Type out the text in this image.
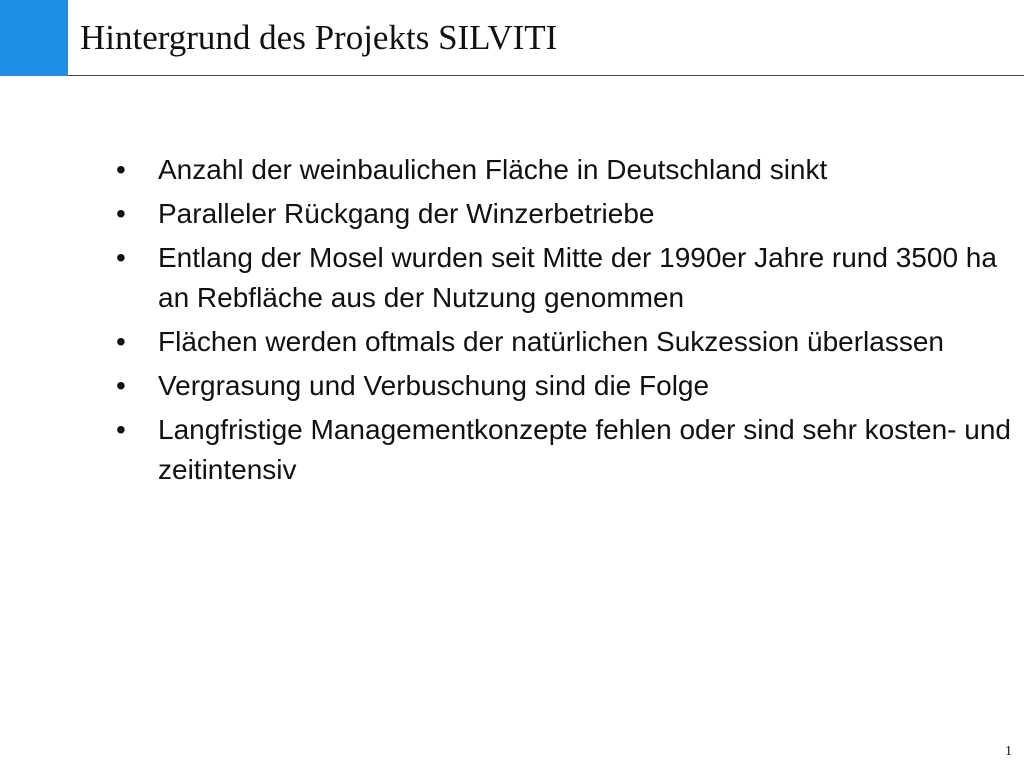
Hintergrund des Projekts SILVITI
•	Anzahl der weinbaulichen Fläche in Deutschland sinkt
•	Paralleler Rückgang der Winzerbetriebe
•	Entlang der Mosel wurden seit Mitte der 1990er Jahre rund 3500 ha an Rebfläche aus der Nutzung genommen
•	Flächen werden oftmals der natürlichen Sukzession überlassen
•	Vergrasung und Verbuschung sind die Folge
•	Langfristige Managementkonzepte fehlen oder sind sehr kosten- und zeitintensiv
1
